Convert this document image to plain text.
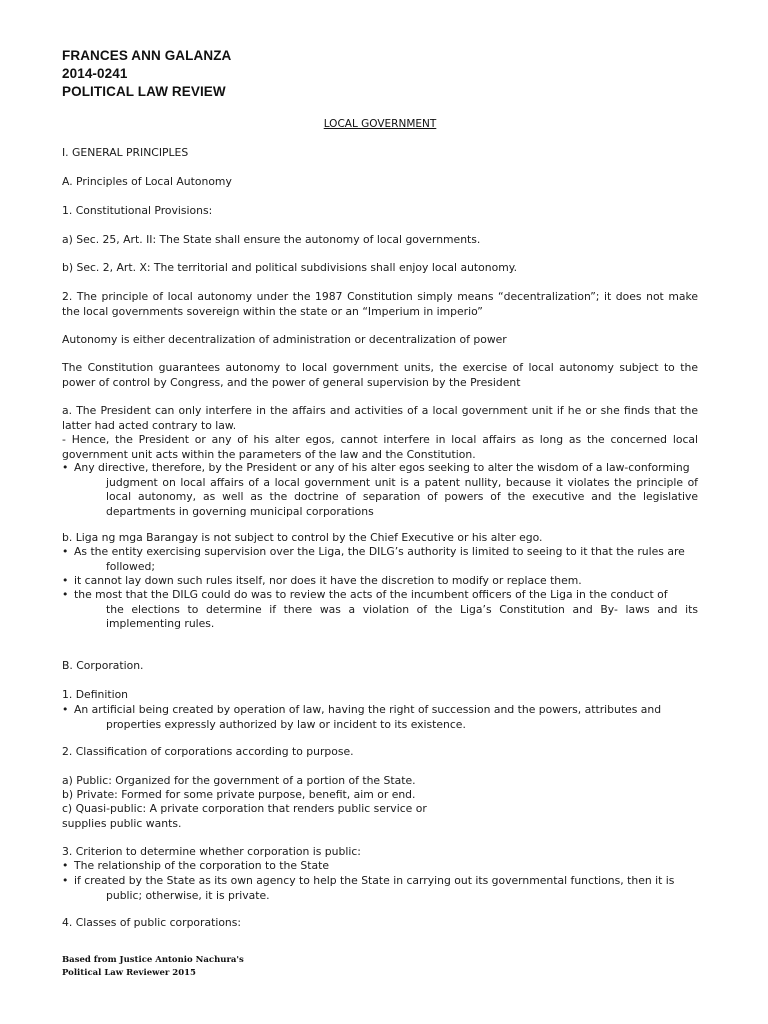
FRANCES ANN GALANZA
2014-0241
POLITICAL LAW REVIEW
LOCAL GOVERNMENT
I. GENERAL PRINCIPLES
A. Principles of Local Autonomy
1. Constitutional Provisions:
a) Sec. 25, Art. II: The State shall ensure the autonomy of local governments.
b) Sec. 2, Art. X: The territorial and political subdivisions shall enjoy local autonomy.
2. The principle of local autonomy under the 1987 Constitution simply means “decentralization”; it does not make the local governments sovereign within the state or an “Imperium in imperio”
Autonomy is either decentralization of administration or decentralization of power
The Constitution guarantees autonomy to local government units, the exercise of local autonomy subject to the power of control by Congress, and the power of general supervision by the President
a. The President can only interfere in the affairs and activities of a local government unit if he or she finds that the latter had acted contrary to law.
- Hence, the President or any of his alter egos, cannot interfere in local affairs as long as the concerned local government unit acts within the parameters of the law and the Constitution.
• Any directive, therefore, by the President or any of his alter egos seeking to alter the wisdom of a law-conforming
judgment on local affairs of a local government unit is a patent nullity, because it violates the principle of local autonomy, as well as the doctrine of separation of powers of the executive and the legislative departments in governing municipal corporations
b. Liga ng mga Barangay is not subject to control by the Chief Executive or his alter ego.
• As the entity exercising supervision over the Liga, the DILG’s authority is limited to seeing to it that the rules are
followed;
• it cannot lay down such rules itself, nor does it have the discretion to modify or replace them.
• the most that the DILG could do was to review the acts of the incumbent officers of the Liga in the conduct of
the elections to determine if there was a violation of the Liga’s Constitution and By- laws and its implementing rules.
B. Corporation.
1. Definition
• An artificial being created by operation of law, having the right of succession and the powers, attributes and
properties expressly authorized by law or incident to its existence.
2. Classification of corporations according to purpose.
a) Public: Organized for the government of a portion of the State.
b) Private: Formed for some private purpose, benefit, aim or end.
c) Quasi-public: A private corporation that renders public service or
supplies public wants.
3. Criterion to determine whether corporation is public:
• The relationship of the corporation to the State
• if created by the State as its own agency to help the State in carrying out its governmental functions, then it is
public; otherwise, it is private.
4. Classes of public corporations:
Based from Justice Antonio Nachura's
Political Law Reviewer 2015
